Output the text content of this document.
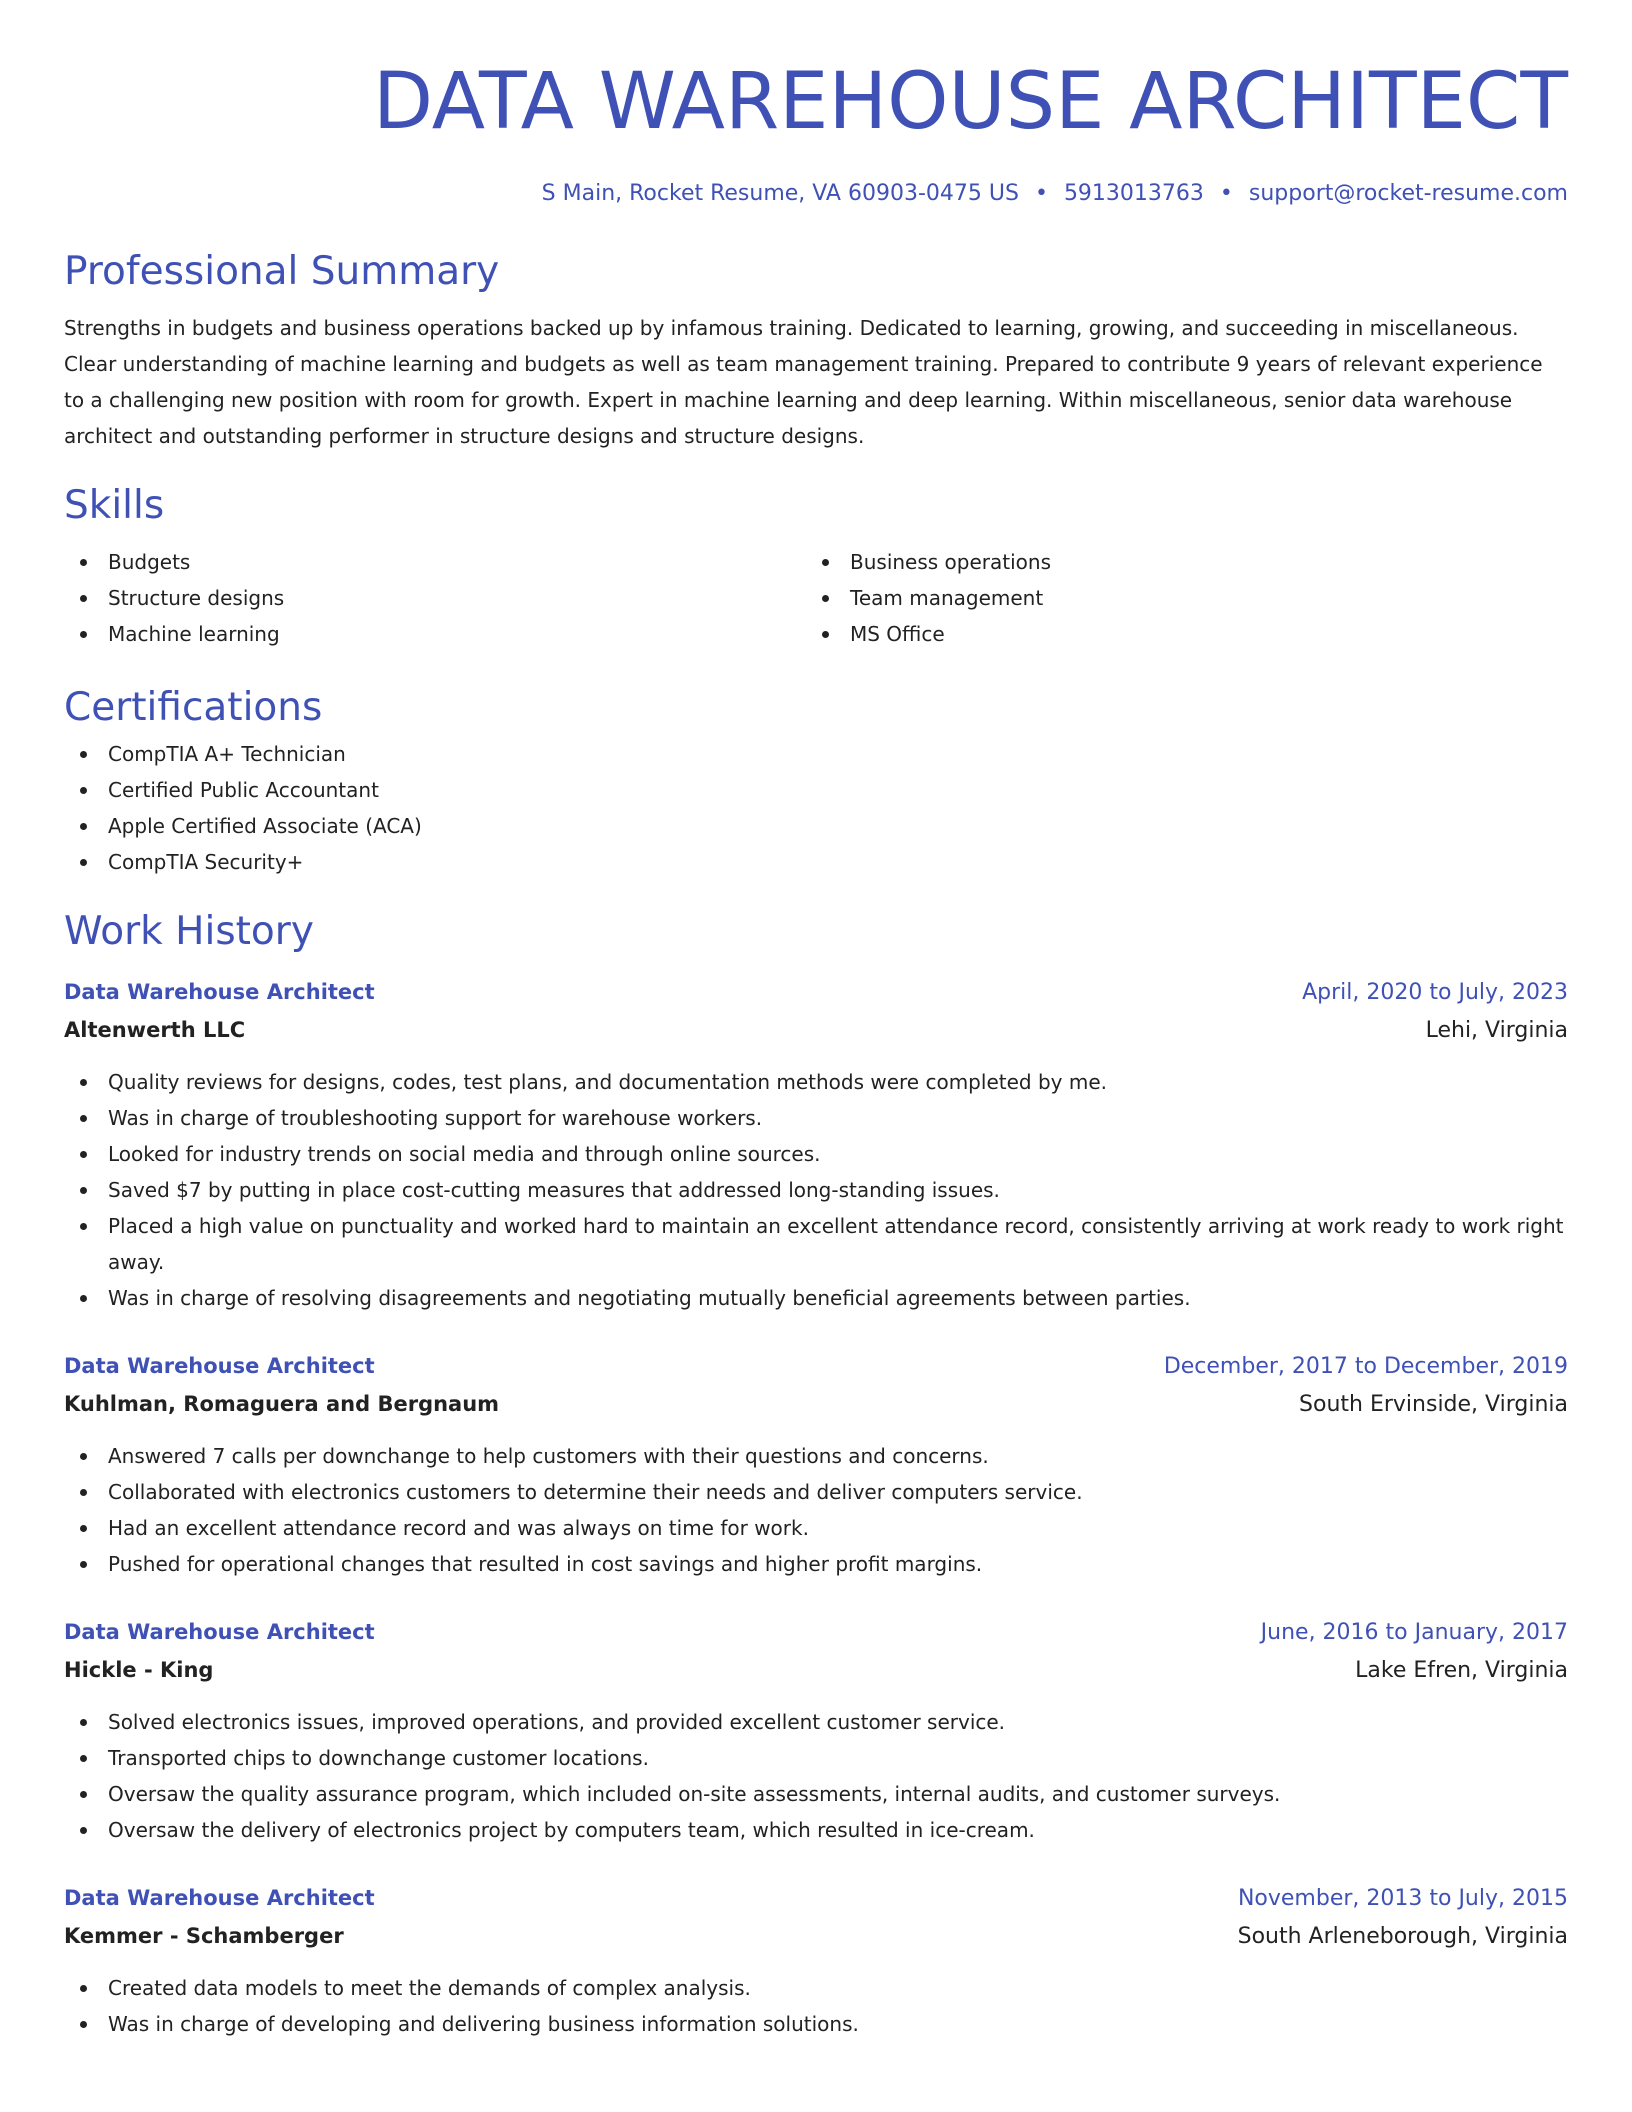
DATA WAREHOUSE ARCHITECT
S Main, Rocket Resume, VA 60903-0475 US • 5913013763 • support@rocket-resume.com
Professional Summary

Strengths in budgets and business operations backed up by infamous training. Dedicated to learning, growing, and succeeding in miscellaneous. Clear understanding of machine learning and budgets as well as team management training. Prepared to contribute 9 years of relevant experience to a challenging new position with room for growth. Expert in machine learning and deep learning. Within miscellaneous, senior data warehouse architect and outstanding performer in structure designs and structure designs.

Skills
Budgets
Structure designs
Machine learning
Business operations
Team management
MS Office
Certifications
CompTIA A+ Technician
Certified Public Accountant
Apple Certified Associate (ACA)
CompTIA Security+
Work History
Data Warehouse Architect	April, 2020 to July, 2023
Altenwerth LLC	Lehi, Virginia
Quality reviews for designs, codes, test plans, and documentation methods were completed by me.
Was in charge of troubleshooting support for warehouse workers.
Looked for industry trends on social media and through online sources.
Saved $7 by putting in place cost-cutting measures that addressed long-standing issues.
Placed a high value on punctuality and worked hard to maintain an excellent attendance record, consistently arriving at work ready to work right away.
Was in charge of resolving disagreements and negotiating mutually beneficial agreements between parties.
Data Warehouse Architect	December, 2017 to December, 2019
Kuhlman, Romaguera and Bergnaum	South Ervinside, Virginia
Answered 7 calls per downchange to help customers with their questions and concerns.
Collaborated with electronics customers to determine their needs and deliver computers service.
Had an excellent attendance record and was always on time for work.
Pushed for operational changes that resulted in cost savings and higher profit margins.
Data Warehouse Architect	June, 2016 to January, 2017
Hickle - King	Lake Efren, Virginia
Solved electronics issues, improved operations, and provided excellent customer service.
Transported chips to downchange customer locations.
Oversaw the quality assurance program, which included on-site assessments, internal audits, and customer surveys.
Oversaw the delivery of electronics project by computers team, which resulted in ice-cream.
Data Warehouse Architect	November, 2013 to July, 2015
Kemmer - Schamberger	South Arleneborough, Virginia
Created data models to meet the demands of complex analysis.
Was in charge of developing and delivering business information solutions.
